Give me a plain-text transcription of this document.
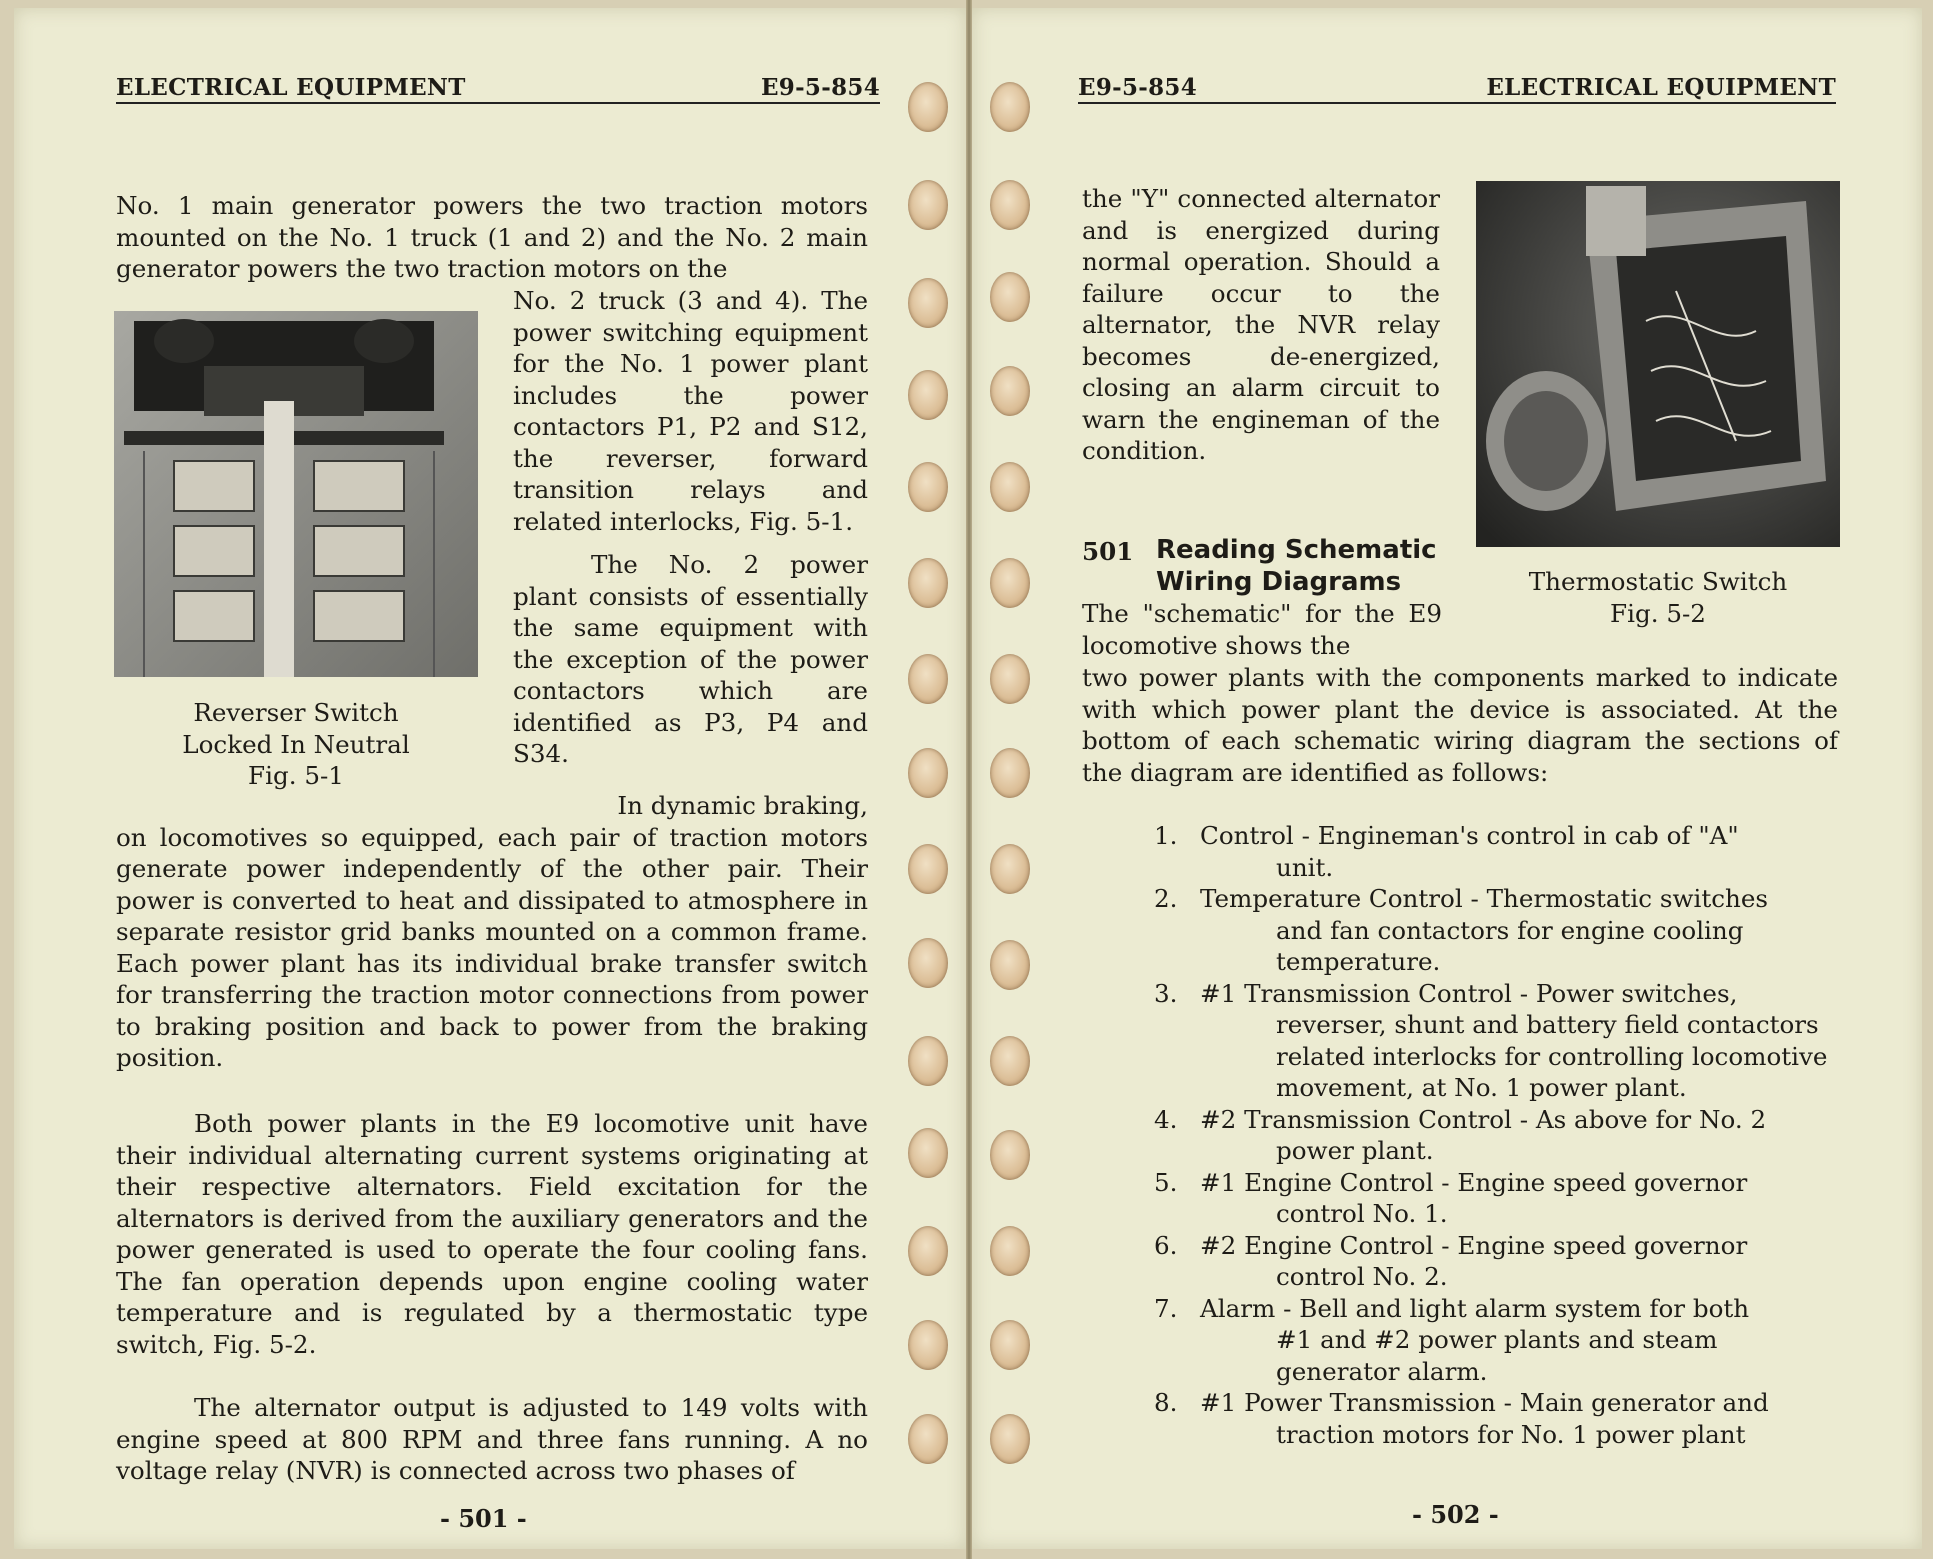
ELECTRICAL EQUIPMENT	E9-5-854
No. 1 main generator powers the two traction motors mounted on the No. 1 truck (1 and 2) and the No. 2 main generator powers the two traction motors on the

No. 2 truck (3 and 4). The power switching equipment for the No. 1 power plant includes the power contactors P1, P2 and S12, the reverser, forward transition relays and related interlocks, Fig. 5-1.

The No. 2 power plant consists of essentially the same equipment with the exception of the power contactors which are identified as P3, P4 and S34.

Reverser Switch
Locked In Neutral
Fig. 5-1
In dynamic braking,
on locomotives so equipped, each pair of traction motors generate power independently of the other pair. Their power is converted to heat and dissipated to atmosphere in separate resistor grid banks mounted on a common frame. Each power plant has its individual brake transfer switch for transferring the traction motor connections from power to braking position and back to power from the braking position.
Both power plants in the E9 locomotive unit have their individual alternating current systems originating at their respective alternators. Field excitation for the alternators is derived from the auxiliary generators and the power generated is used to operate the four cooling fans. The fan operation depends upon engine cooling water temperature and is regulated by a thermostatic type switch, Fig. 5-2.
The alternator output is adjusted to 149 volts with engine speed at 800 RPM and three fans running. A no voltage relay (NVR) is connected across two phases of
- 501 -
E9-5-854	ELECTRICAL EQUIPMENT
the "Y" connected alternator and is energized during normal operation. Should a failure occur to the alternator, the NVR relay becomes de-energized, closing an alarm circuit to warn the engineman of the condition.
Thermostatic Switch
Fig. 5-2
501 Reading Schematic
Wiring Diagrams
The "schematic" for the E9 locomotive shows the
two power plants with the components marked to indicate with which power plant the device is associated. At the bottom of each schematic wiring diagram the sections of the diagram are identified as follows:
1. Control - Engineman's control in cab of "A"
unit.
2. Temperature Control - Thermostatic switches
and fan contactors for engine cooling temperature.
3. #1 Transmission Control - Power switches,
reverser, shunt and battery field contactors related interlocks for controlling locomotive movement, at No. 1 power plant.
4. #2 Transmission Control - As above for No. 2
power plant.
5. #1 Engine Control - Engine speed governor
control No. 1.
6. #2 Engine Control - Engine speed governor
control No. 2.
7. Alarm - Bell and light alarm system for both
#1 and #2 power plants and steam generator alarm.
8. #1 Power Transmission - Main generator and
traction motors for No. 1 power plant
- 502 -
